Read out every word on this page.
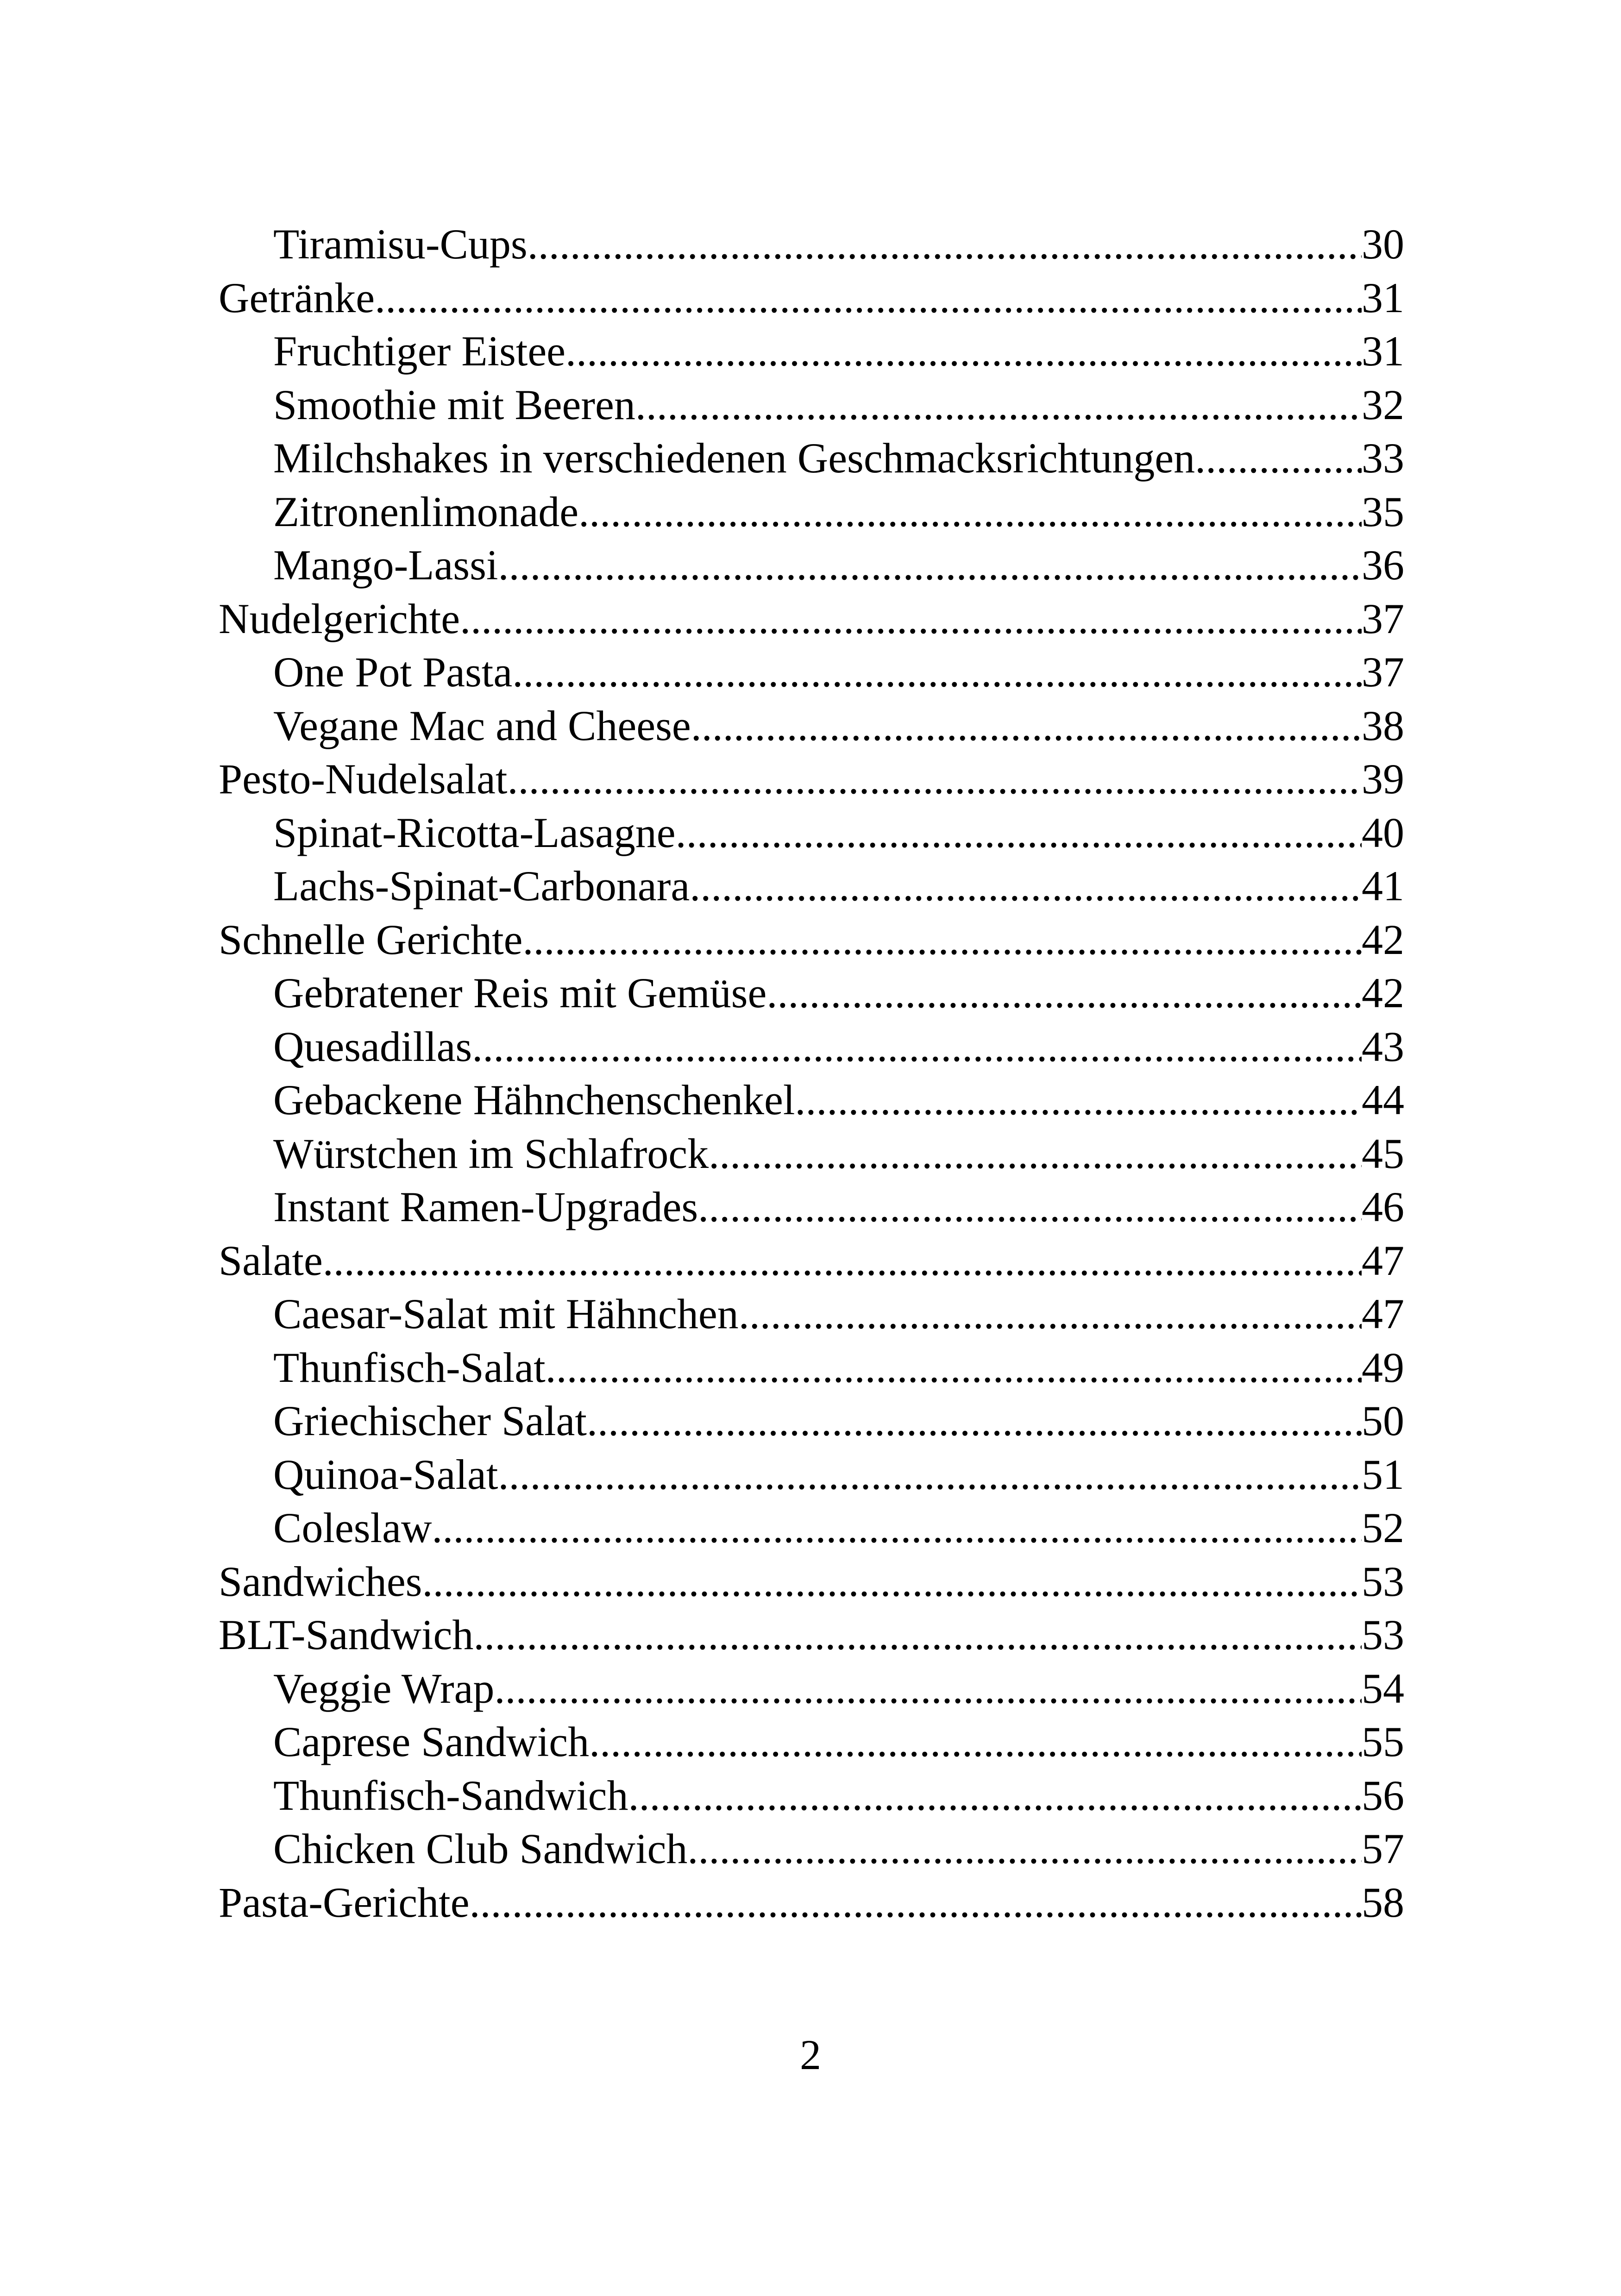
Tiramisu-Cups .....	30
Getränke .....	31
Fruchtiger Eistee .....	31
Smoothie mit Beeren .....	32
Milchshakes in verschiedenen Geschmacksrichtungen .....	33
Zitronenlimonade .....	35
Mango-Lassi .....	36
Nudelgerichte .....	37
One Pot Pasta .....	37
Vegane Mac and Cheese .....	38
Pesto-Nudelsalat .....	39
Spinat-Ricotta-Lasagne .....	40
Lachs-Spinat-Carbonara .....	41
Schnelle Gerichte .....	42
Gebratener Reis mit Gemüse .....	42
Quesadillas .....	43
Gebackene Hähnchenschenkel .....	44
Würstchen im Schlafrock .....	45
Instant Ramen-Upgrades .....	46
Salate .....	47
Caesar-Salat mit Hähnchen .....	47
Thunfisch-Salat .....	49
Griechischer Salat .....	50
Quinoa-Salat .....	51
Coleslaw .....	52
Sandwiches .....	53
BLT-Sandwich .....	53
Veggie Wrap .....	54
Caprese Sandwich .....	55
Thunfisch-Sandwich .....	56
Chicken Club Sandwich .....	57
Pasta-Gerichte .....	58
2
